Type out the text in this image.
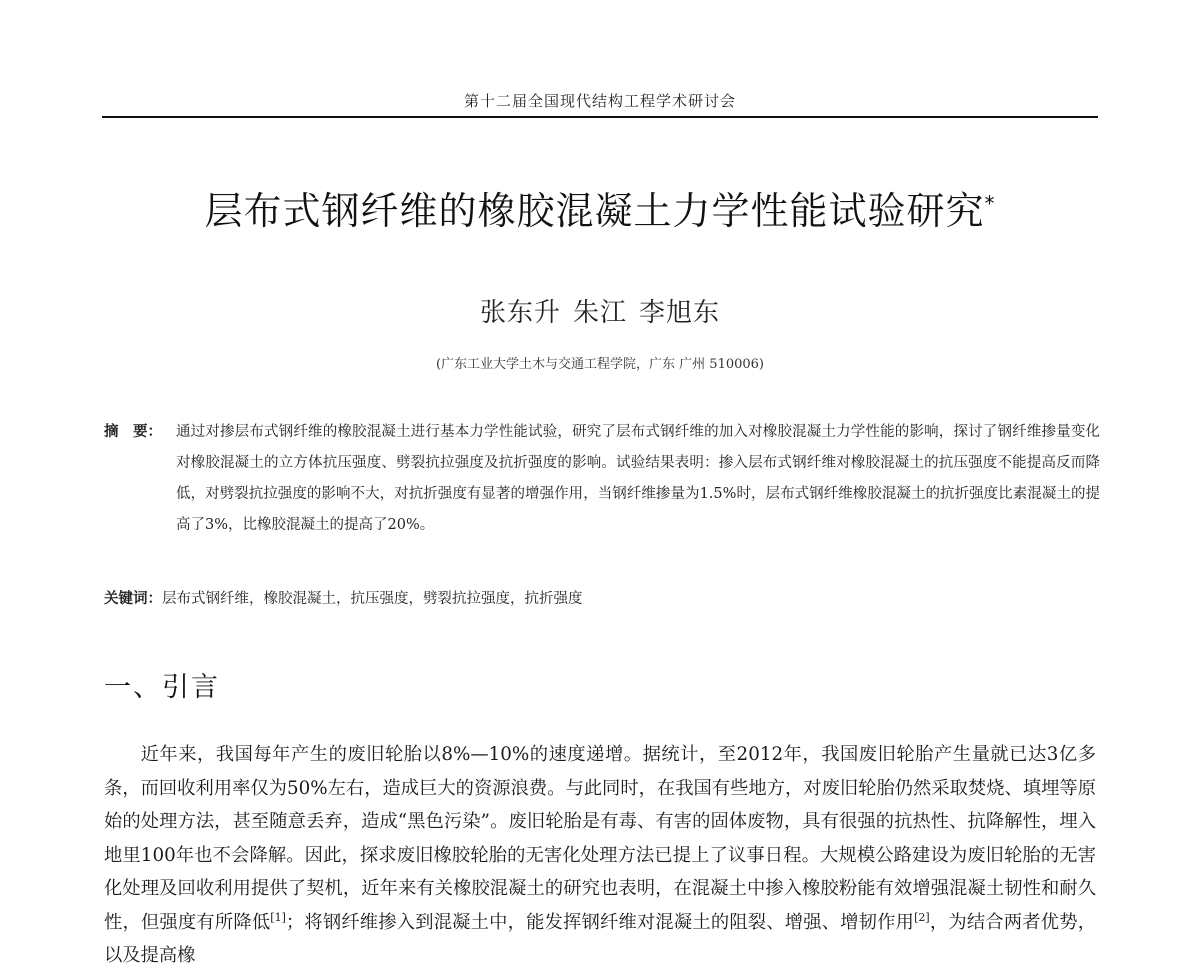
第十二届全国现代结构工程学术研讨会
层布式钢纤维的橡胶混凝土力学性能试验研究*
张东升 朱江 李旭东
(广东工业大学土木与交通工程学院，广东 广州 510006)
摘　要： 通过对掺层布式钢纤维的橡胶混凝土进行基本力学性能试验，研究了层布式钢纤维的加入对橡胶混凝土力学性能的影响，探讨了钢纤维掺量变化对橡胶混凝土的立方体抗压强度、劈裂抗拉强度及抗折强度的影响。试验结果表明：掺入层布式钢纤维对橡胶混凝土的抗压强度不能提高反而降低，对劈裂抗拉强度的影响不大，对抗折强度有显著的增强作用，当钢纤维掺量为1.5%时，层布式钢纤维橡胶混凝土的抗折强度比素混凝土的提高了3%，比橡胶混凝土的提高了20%。
关键词：层布式钢纤维，橡胶混凝土，抗压强度，劈裂抗拉强度，抗折强度
一、引言
近年来，我国每年产生的废旧轮胎以8%—10%的速度递增。据统计，至2012年，我国废旧轮胎产生量就已达3亿多条，而回收利用率仅为50%左右，造成巨大的资源浪费。与此同时，在我国有些地方，对废旧轮胎仍然采取焚烧、填埋等原始的处理方法，甚至随意丢弃，造成“黑色污染”。废旧轮胎是有毒、有害的固体废物，具有很强的抗热性、抗降解性，埋入地里100年也不会降解。因此，探求废旧橡胶轮胎的无害化处理方法已提上了议事日程。大规模公路建设为废旧轮胎的无害化处理及回收利用提供了契机，近年来有关橡胶混凝土的研究也表明，在混凝土中掺入橡胶粉能有效增强混凝土韧性和耐久性，但强度有所降低[1]；将钢纤维掺入到混凝土中，能发挥钢纤维对混凝土的阻裂、增强、增韧作用[2]，为结合两者优势，以及提高橡
